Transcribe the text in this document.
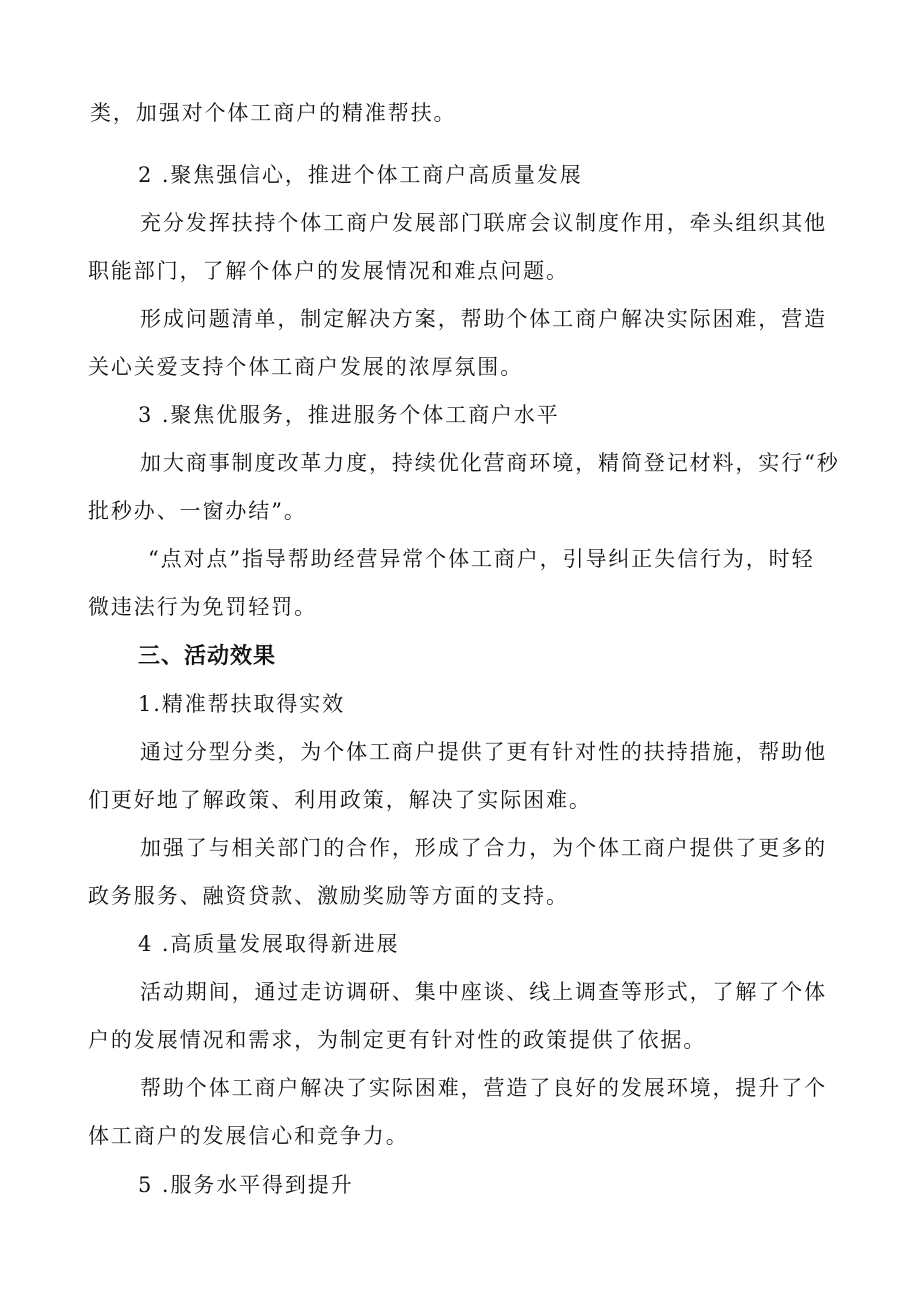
类，加强对个体工商户的精准帮扶。

2 .聚焦强信心，推进个体工商户高质量发展

充分发挥扶持个体工商户发展部门联席会议制度作用，牵头组织其他

职能部门，了解个体户的发展情况和难点问题。

形成问题清单，制定解决方案，帮助个体工商户解决实际困难，营造

关心关爱支持个体工商户发展的浓厚氛围。

3 .聚焦优服务，推进服务个体工商户水平

加大商事制度改革力度，持续优化营商环境，精简登记材料，实行“秒

批秒办、一窗办结”。

“点对点”指导帮助经营异常个体工商户，引导纠正失信行为，时轻

微违法行为免罚轻罚。

三、活动效果

1.精准帮扶取得实效

通过分型分类，为个体工商户提供了更有针对性的扶持措施，帮助他

们更好地了解政策、利用政策，解决了实际困难。

加强了与相关部门的合作，形成了合力，为个体工商户提供了更多的

政务服务、融资贷款、激励奖励等方面的支持。

4 .高质量发展取得新进展

活动期间，通过走访调研、集中座谈、线上调查等形式，了解了个体

户的发展情况和需求，为制定更有针对性的政策提供了依据。

帮助个体工商户解决了实际困难，营造了良好的发展环境，提升了个

体工商户的发展信心和竞争力。

5 .服务水平得到提升
